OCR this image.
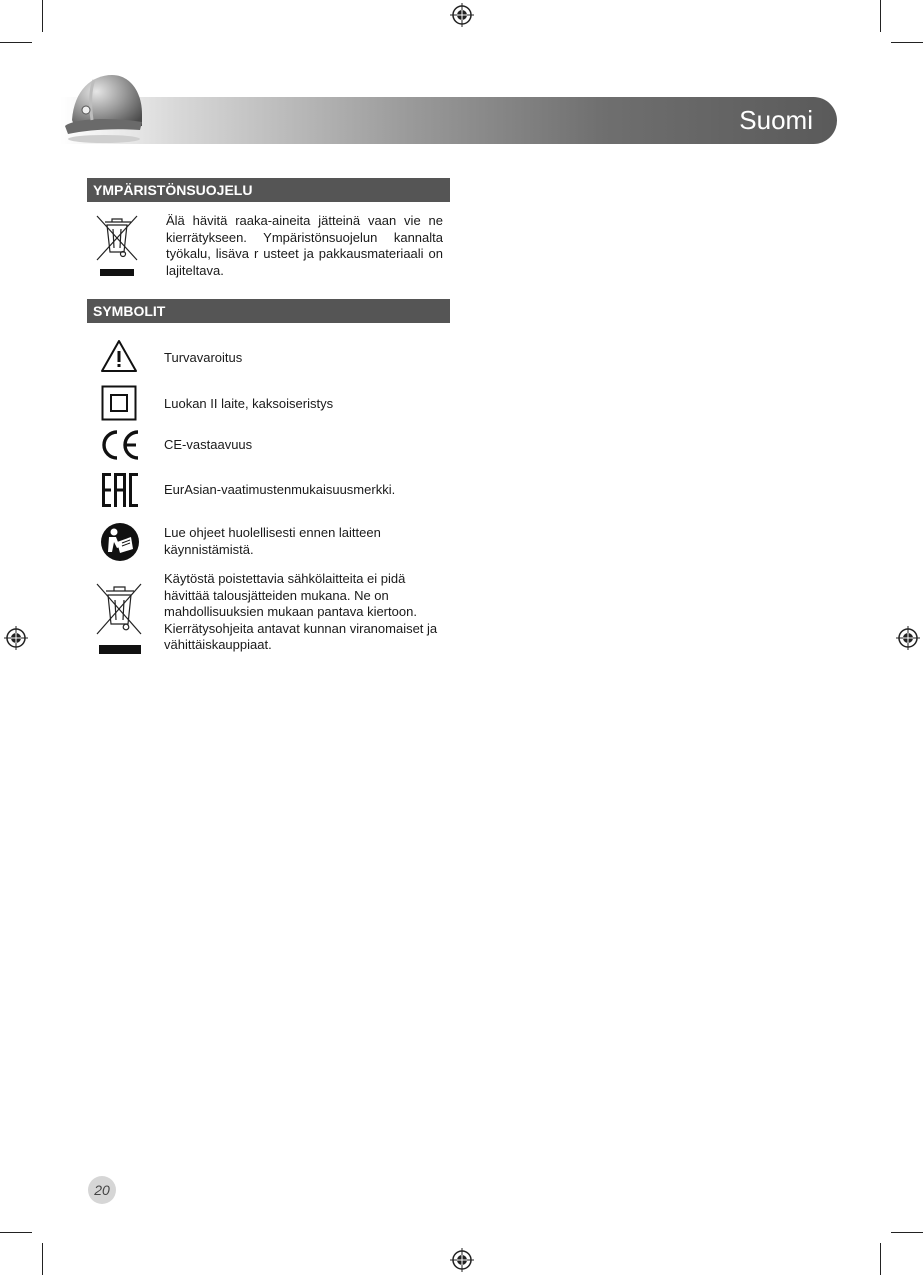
Suomi
YMPÄRISTÖNSUOJELU
Älä hävitä raaka-aineita jätteinä vaan vie ne kierrätykseen. Ympäristönsuojelun kannalta työkalu, lisäva r usteet ja pakkausmateriaali on lajiteltava.
SYMBOLIT
Turvavaroitus
Luokan II laite, kaksoiseristys
CE-vastaavuus
EurAsian-vaatimustenmukaisuusmerkki.
Lue ohjeet huolellisesti ennen laitteen käynnistämistä.
Käytöstä poistettavia sähkölaitteita ei pidä hävittää talousjätteiden mukana. Ne on mahdollisuuksien mukaan pantava kiertoon. Kierrätysohjeita antavat kunnan viranomaiset ja vähittäiskauppiaat.
20
